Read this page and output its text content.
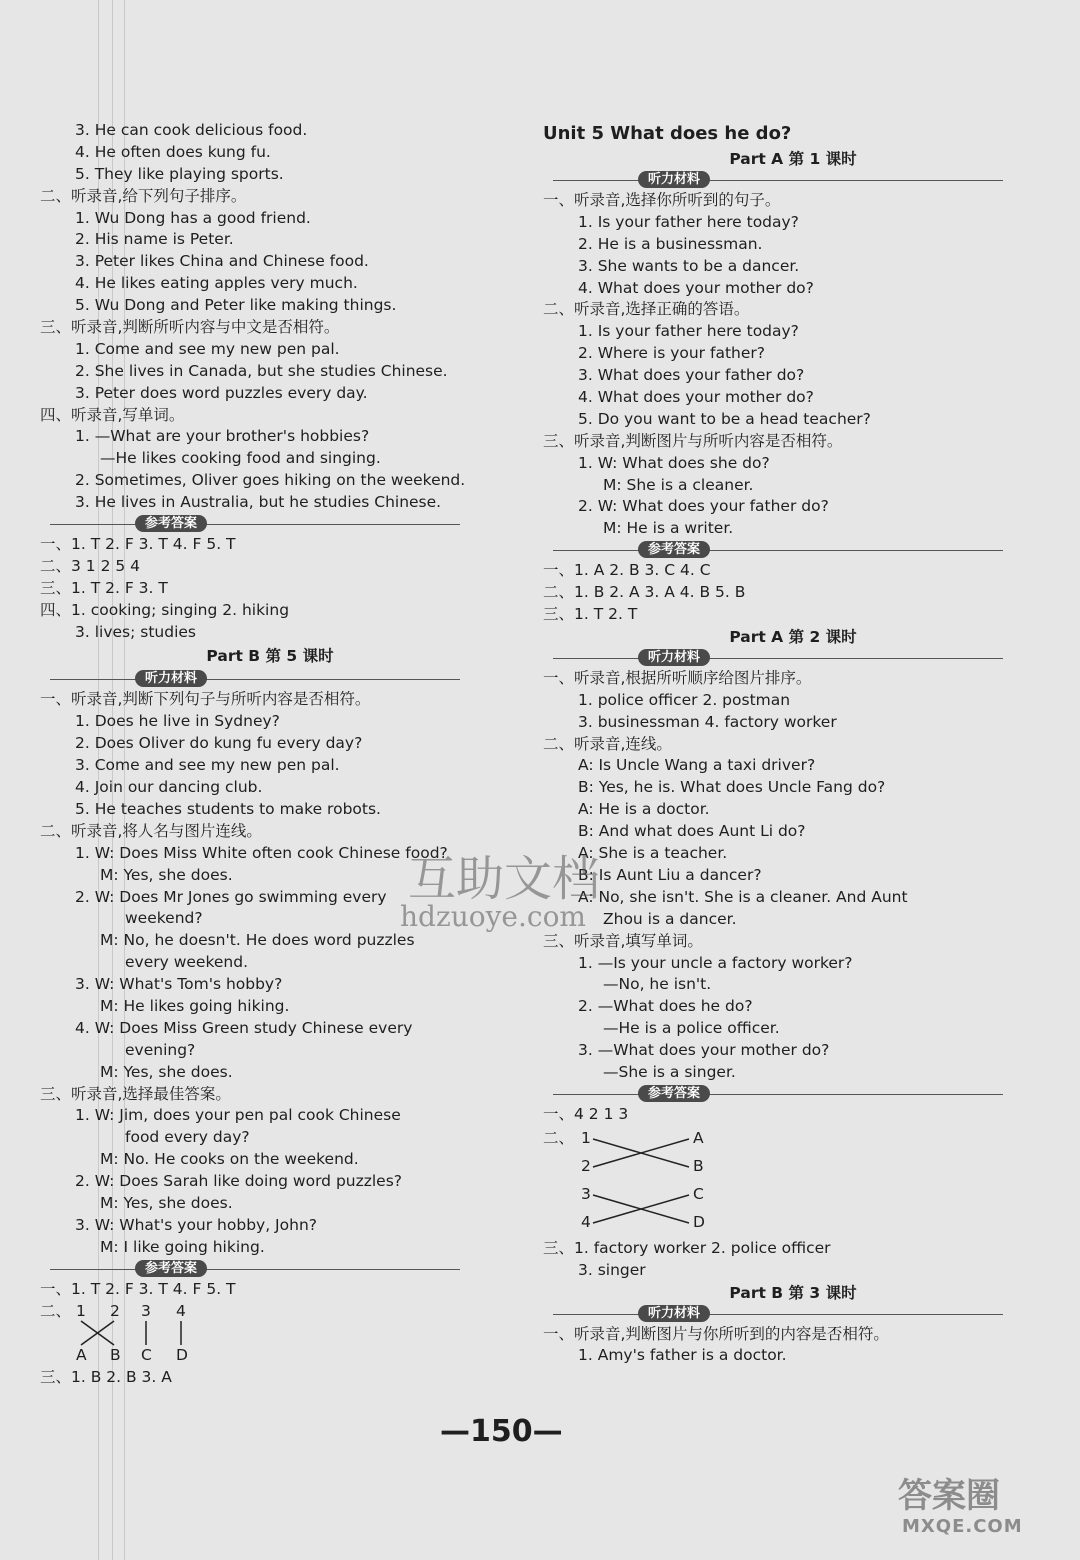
3. He can cook delicious food.
4. He often does kung fu.
5. They like playing sports.
二、听录音,给下列句子排序。
1. Wu Dong has a good friend.
2. His name is Peter.
3. Peter likes China and Chinese food.
4. He likes eating apples very much.
5. Wu Dong and Peter like making things.
三、听录音,判断所听内容与中文是否相符。
1. Come and see my new pen pal.
2. She lives in Canada, but she studies Chinese.
3. Peter does word puzzles every day.
四、听录音,写单词。
1. —What are your brother's hobbies?
—He likes cooking food and singing.
2. Sometimes, Oliver goes hiking on the weekend.
3. He lives in Australia, but he studies Chinese.
参考答案
一、1. T 2. F 3. T 4. F 5. T
二、3 1 2 5 4
三、1. T 2. F 3. T
四、1. cooking; singing 2. hiking
3. lives; studies
Part B 第 5 课时
听力材料
一、听录音,判断下列句子与所听内容是否相符。
1. Does he live in Sydney?
2. Does Oliver do kung fu every day?
3. Come and see my new pen pal.
4. Join our dancing club.
5. He teaches students to make robots.
二、听录音,将人名与图片连线。
1. W: Does Miss White often cook Chinese food?
M: Yes, she does.
2. W: Does Mr Jones go swimming every
weekend?
M: No, he doesn't. He does word puzzles
every weekend.
3. W: What's Tom's hobby?
M: He likes going hiking.
4. W: Does Miss Green study Chinese every
evening?
M: Yes, she does.
三、听录音,选择最佳答案。
1. W: Jim, does your pen pal cook Chinese
food every day?
M: No. He cooks on the weekend.
2. W: Does Sarah like doing word puzzles?
M: Yes, she does.
3. W: What's your hobby, John?
M: I like going hiking.
参考答案
一、1. T 2. F 3. T 4. F 5. T
二、 1 2 3 4
A B C D
三、1. B 2. B 3. A
Unit 5 What does he do?
Part A 第 1 课时
听力材料
一、听录音,选择你所听到的句子。
1. Is your father here today?
2. He is a businessman.
3. She wants to be a dancer.
4. What does your mother do?
二、听录音,选择正确的答语。
1. Is your father here today?
2. Where is your father?
3. What does your father do?
4. What does your mother do?
5. Do you want to be a head teacher?
三、听录音,判断图片与所听内容是否相符。
1. W: What does she do?
M: She is a cleaner.
2. W: What does your father do?
M: He is a writer.
参考答案
一、1. A 2. B 3. C 4. C
二、1. B 2. A 3. A 4. B 5. B
三、1. T 2. T
Part A 第 2 课时
听力材料
一、听录音,根据所听顺序给图片排序。
1. police officer 2. postman
3. businessman 4. factory worker
二、听录音,连线。
A: Is Uncle Wang a taxi driver?
B: Yes, he is. What does Uncle Fang do?
A: He is a doctor.
B: And what does Aunt Li do?
A: She is a teacher.
B: Is Aunt Liu a dancer?
A: No, she isn't. She is a cleaner. And Aunt
Zhou is a dancer.
三、听录音,填写单词。
1. —Is your uncle a factory worker?
—No, he isn't.
2. —What does he do?
—He is a police officer.
3. —What does your mother do?
—She is a singer.
参考答案
一、4 2 1 3
二、 1
2
3
4
A
B
C
D
三、1. factory worker 2. police officer
3. singer
Part B 第 3 课时
听力材料
一、听录音,判断图片与你所听到的内容是否相符。
1. Amy's father is a doctor.
互助文档
hdzuoye.com
—150—
答案圈
MXQE.COM
